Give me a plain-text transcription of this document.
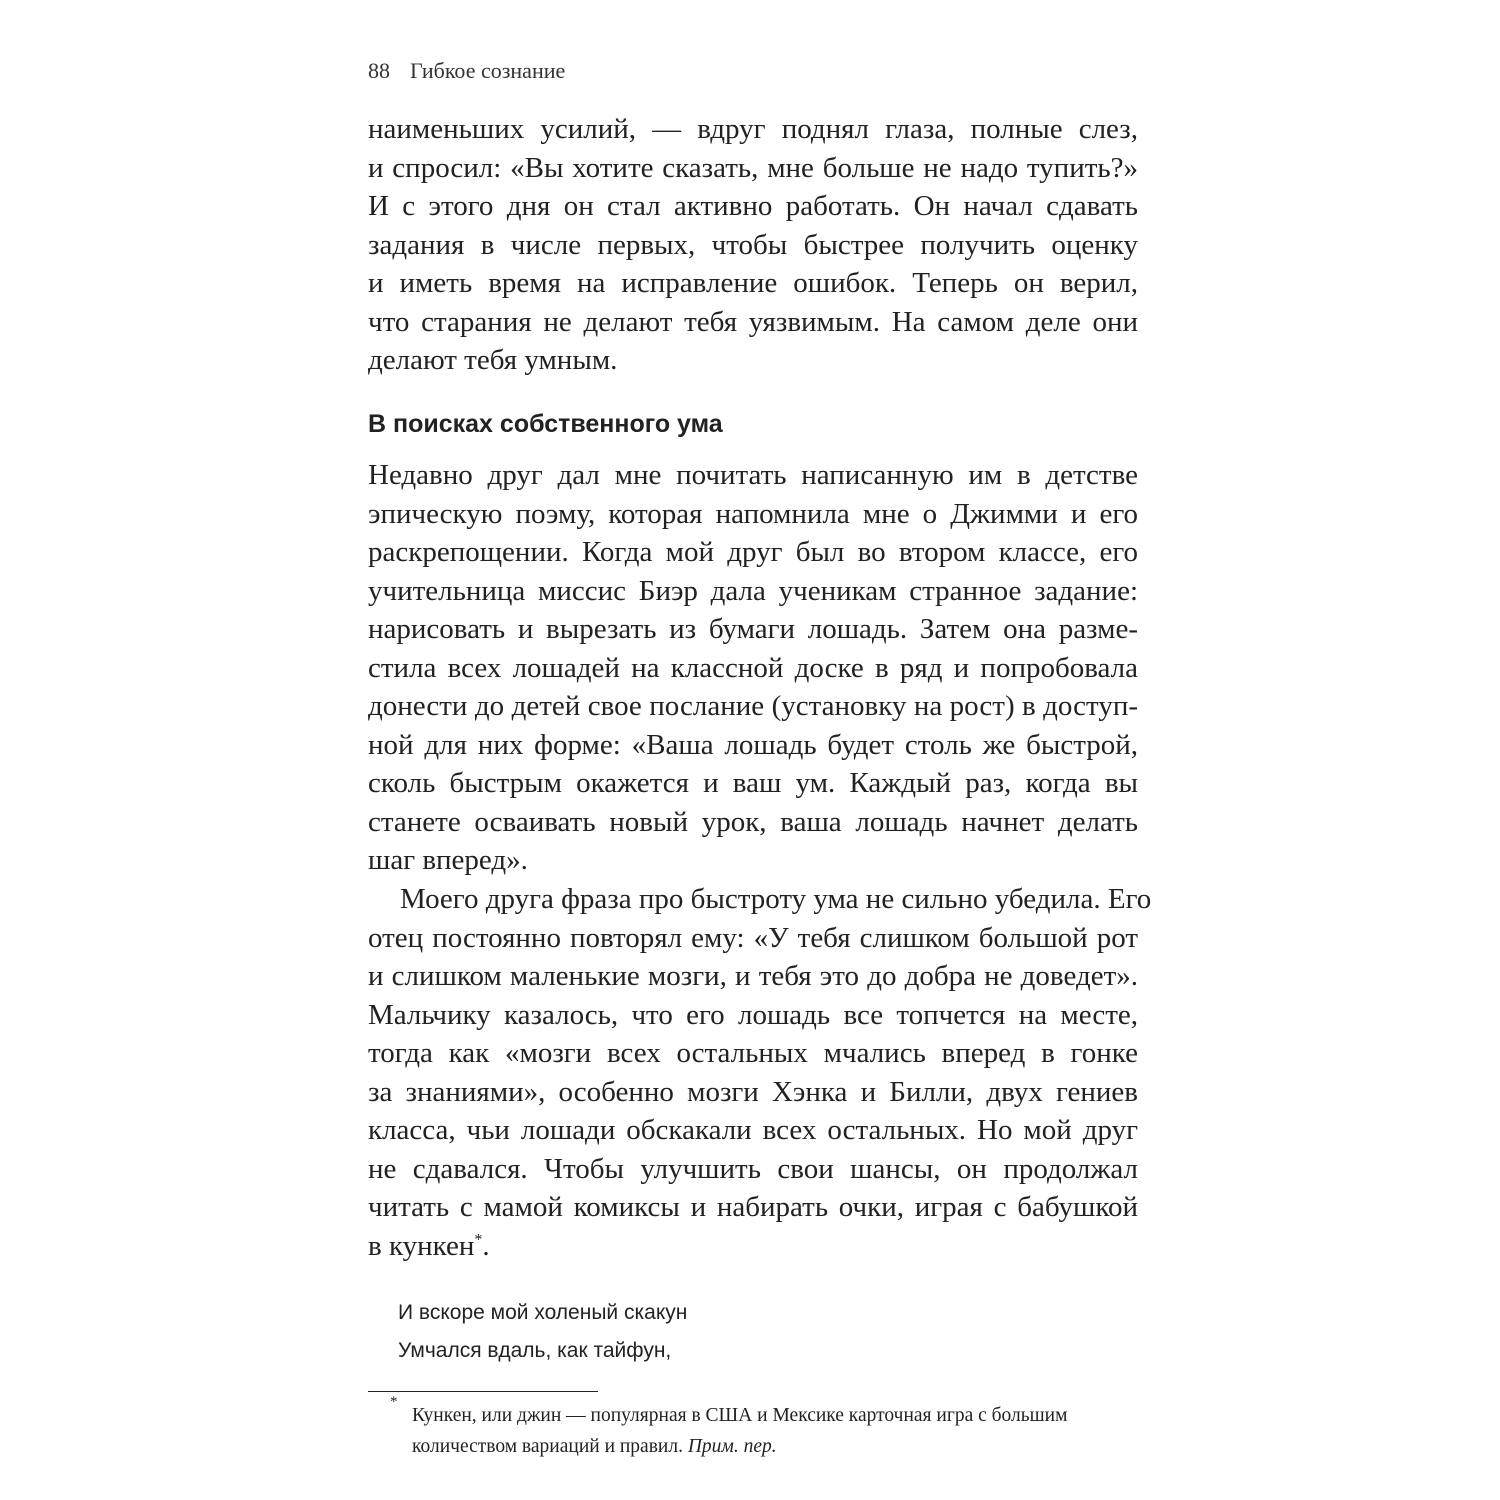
88 Гибкое сознание
наименьших усилий, — вдруг поднял глаза, полные слез,
и спросил: «Вы хотите сказать, мне больше не надо тупить?»
И с этого дня он стал активно работать. Он начал сдавать
задания в числе первых, чтобы быстрее получить оценку
и иметь время на исправление ошибок. Теперь он верил,
что старания не делают тебя уязвимым. На самом деле они
делают тебя умным.
В поисках собственного ума
Недавно друг дал мне почитать написанную им в детстве
эпическую поэму, которая напомнила мне о Джимми и его
раскрепощении. Когда мой друг был во втором классе, его
учительница миссис Биэр дала ученикам странное задание:
нарисовать и вырезать из бумаги лошадь. Затем она разме-
стила всех лошадей на классной доске в ряд и попробовала
донести до детей свое послание (установку на рост) в доступ-
ной для них форме: «Ваша лошадь будет столь же быстрой,
сколь быстрым окажется и ваш ум. Каждый раз, когда вы
станете осваивать новый урок, ваша лошадь начнет делать
шаг вперед».
Моего друга фраза про быстроту ума не сильно убедила. Его
отец постоянно повторял ему: «У тебя слишком большой рот
и слишком маленькие мозги, и тебя это до добра не доведет».
Мальчику казалось, что его лошадь все топчется на месте,
тогда как «мозги всех остальных мчались вперед в гонке
за знаниями», особенно мозги Хэнка и Билли, двух гениев
класса, чьи лошади обскакали всех остальных. Но мой друг
не сдавался. Чтобы улучшить свои шансы, он продолжал
читать с мамой комиксы и набирать очки, играя с бабушкой
в кункен*.
И вскоре мой холеный скакун
Умчался вдаль, как тайфун,
*
Кункен, или джин — популярная в США и Мексике карточная игра с большим
количеством вариаций и правил. Прим. пер.
